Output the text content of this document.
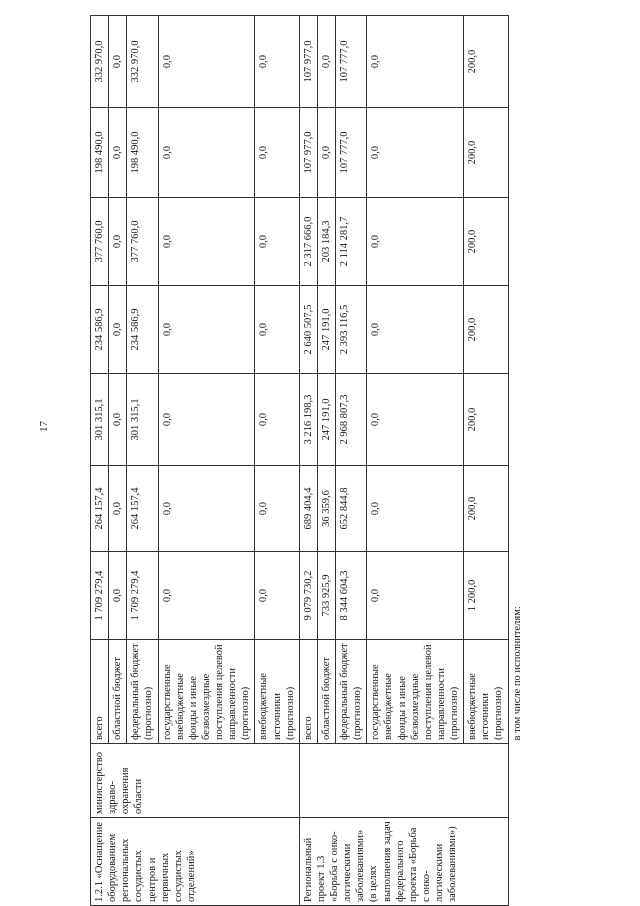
17
1.2.1 «Оснащение оборудованием региональных сосудистых центров и первичных сосудистых отделений»	министерство здраво-охранения области	всего	1 709 279,4	264 157,4	301 315,1	234 586,9	377 760,0	198 490,0	332 970,0
		областной бюджет	0,0	0,0	0,0	0,0	0,0	0,0	0,0
		федеральный бюджет (прогнозно)	1 709 279,4	264 157,4	301 315,1	234 586,9	377 760,0	198 490,0	332 970,0
		государственные внебюджетные фонды и иные безвозмездные поступления целевой направленности (прогнозно)	0,0	0,0	0,0	0,0	0,0	0,0	0,0
		внебюджетные источники (прогнозно)	0,0	0,0	0,0	0,0	0,0	0,0	0,0
Региональный проект 1.3 «Борьба с онко-логическими заболеваниями» (в целях выполнения задач федерального проекта «Борьба с онко-логическими заболеваниями»)		всего	9 079 730,2	689 404,4	3 216 198,3	2 640 507,5	2 317 666,0	107 977,0	107 977,0
		областной бюджет	733 925,9	36 359,6	247 191,0	247 191,0	203 184,3	0,0	0,0
		федеральный бюджет (прогнозно)	8 344 604,3	652 844,8	2 968 807,3	2 393 116,5	2 114 281,7	107 777,0	107 777,0
		государственные внебюджетные фонды и иные безвозмездные поступления целевой направленности (прогнозно)	0,0	0,0	0,0	0,0	0,0	0,0	0,0
		внебюджетные источники (прогнозно)	1 200,0	200,0	200,0	200,0	200,0	200,0	200,0
		в том числе по исполнителям:							
